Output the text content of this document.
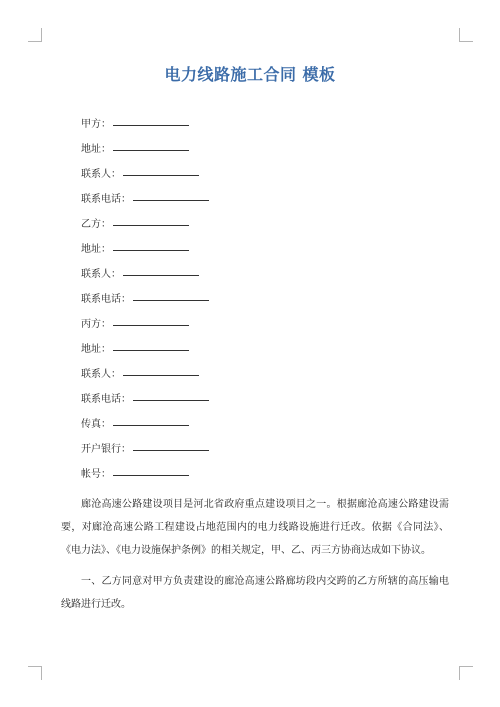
电力线路施工合同 模板
甲方：
地址：
联系人：
联系电话：
乙方：
地址：
联系人：
联系电话：
丙方：
地址：
联系人：
联系电话：
传真：
开户银行：
帐号：

廊沧高速公路建设项目是河北省政府重点建设项目之一。根据廊沧高速公路建设需要，对廊沧高速公路工程建设占地范围内的电力线路设施进行迁改。依据《合同法》、《电力法》、《电力设施保护条例》的相关规定，甲、乙、丙三方协商达成如下协议。

一、乙方同意对甲方负责建设的廊沧高速公路廊坊段内交跨的乙方所辖的高压输电线路进行迁改。
